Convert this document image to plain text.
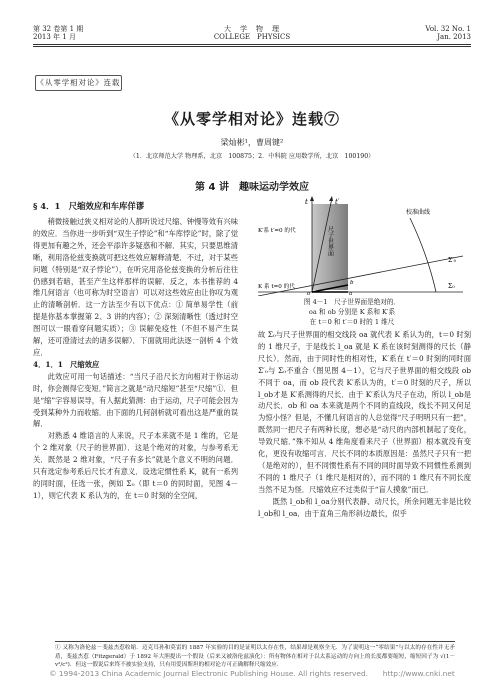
第 32 卷第 1 期
2013 年 1 月
大　学　物　理
COLLEGE　PHYSICS
Vol. 32 No. 1
Jan. 2013
《从零学相对论》连载
《从零学相对论》连载⑦
梁灿彬¹，曹周键²
（1．北京师范大学 物理系，北京　100875；2．中科院 应用数学所，北京　100190）
第 4 讲　趣味运动学效应
§ 4．1　尺缩效应和车库佯谬
稍微接触过狭义相对论的人都听说过尺缩、钟慢等效有兴味的效应．当你进一步听到“双生子悖论”和“车库悖论”时，除了觉得更加有趣之外，还会平添许多疑惑和不解．其实，只要思维清晰，利用洛伦兹变换就可把这些效应解释清楚．不过，对于某些问题（特别是“双子悖论”），在听完用洛伦兹变换的分析后往往仍感到若暗，甚至产生这样那样的误解．反之，本书推荐的 4 维几何语言（也可称为时空语言）可以对这些效应由让你叹为观止的清晰剖析．这一方法至少有以下优点：① 简单易学性（前提是你基本掌握第 2、3 讲的内容）；② 深刻清晰性（透过时空图可以一眼看穿问题实质）；③ 误解免疫性（不但不易产生误解，还可澄清过去的诸多误解）．下面就用此法逐一剖析 4 个效应．
4．1．1　尺缩效应
此效应可用一句话描述：“当尺子沿尺长方向相对于你运动时，你会测得它变短．”简言之就是“动尺缩短”甚至“尺缩”①．但是“缩”字容易误导，有人据此猜测：由于运动，尺子可能会因为受到某种外力而收缩．由下面的几何剖析就可看出这是严重的误解．
对熟悉 4 维语言的人来说，尺子本来就不是 1 维的，它是个 2 维对象（尺子的世界面）．这是个绝对的对象，与参考系无关．既然是 2 维对象，“尺子有多长”就是个意义不明的问题．只有选定参考系后尺长才有意义．设选定惯性系 K，就有一系列的同时面，任选一张，例如 Σ₀（即 t＝0 的同时面，见图 4－1），则它代表 K 系认为的，在 t＝0 时刻的全空间，
t	t′
校准曲线
K′系 t′=0 的代	尺子世界面
K 系 t=0 的代	Σ₀
Σ′₀
o	a
b
图 4－1　尺子世界面是绝对的．
oa 和 ob 分别是 K 系和 K′系
在 t＝0 和 t′＝0 时的 1 维尺
故 Σ₀与尺子世界面的相交线段 oa 就代表 K 系认为的，t＝0 时刻的 1 维尺子，于是线长 l_oa 就是 K 系在该时刻测得的尺长（静尺长）．然而，由于同时性的相对性，K′系在 t′＝0 时刻的同时面 Σ′₀与 Σ₀不重合（图见图 4－1），它与尺子世界面的相交线段 ob 不同于 oa，而 ob 段代表 K′系认为的，t′＝0 时刻的尺子，所以 l_ob才是 K′系测得的尺长．由于 K′系认为尺子在动，所以 l_ob是动尺长．ob 和 oa 本来就是两个不同的直线段，线长不同又何足为惊小怪？但是，不懂几何语言的人总觉得“尺子明明只有一把”，既然同一把尺子有两种长度，想必是“动尺的内部机制起了变化，导致尺缩．”殊不知从 4 维角度看来尺子（世界面）根本就没有变化，更没有收缩可言．尺长不同的本质原因是：虽然尺子只有一把（是绝对的），但不同惯性系有不同的同时面导致不同惯性系测到不同的 1 维尺子（1 维尺是相对的），而不同的 1 维尺有不同长度当然不足为怪．尺缩效应不过类似于“盲人摸象”而已．
既然 l_ob和 l_oa分别代表静、动尺长，所余问题无非是比较 l_ob和 l_oa．由于直角三角形斜边最长，似乎
① 又称为洛伦兹－斐兹杰惹收缩．迈克耳孙和莫雷的 1887 年实验的目的是证明以太存在性，结果却是观察全无．为了说明这一“零结果”与以太的存在性并无矛盾，斐兹杰惹（Fitzgerald）于 1892 年大胆提出一个假设（后来又被洛伦兹演化）：所有物体在相对于以太系运动的方向上的长度都要缩短，缩短因子为 √(1－v²/c²)．但这一假说后来终不被实验支持，只有用爱因斯坦的相对论方可正确解释尺缩效应．
© 1994-2013 China Academic Journal Electronic Publishing House. All rights reserved.　　http://www.cnki.net
